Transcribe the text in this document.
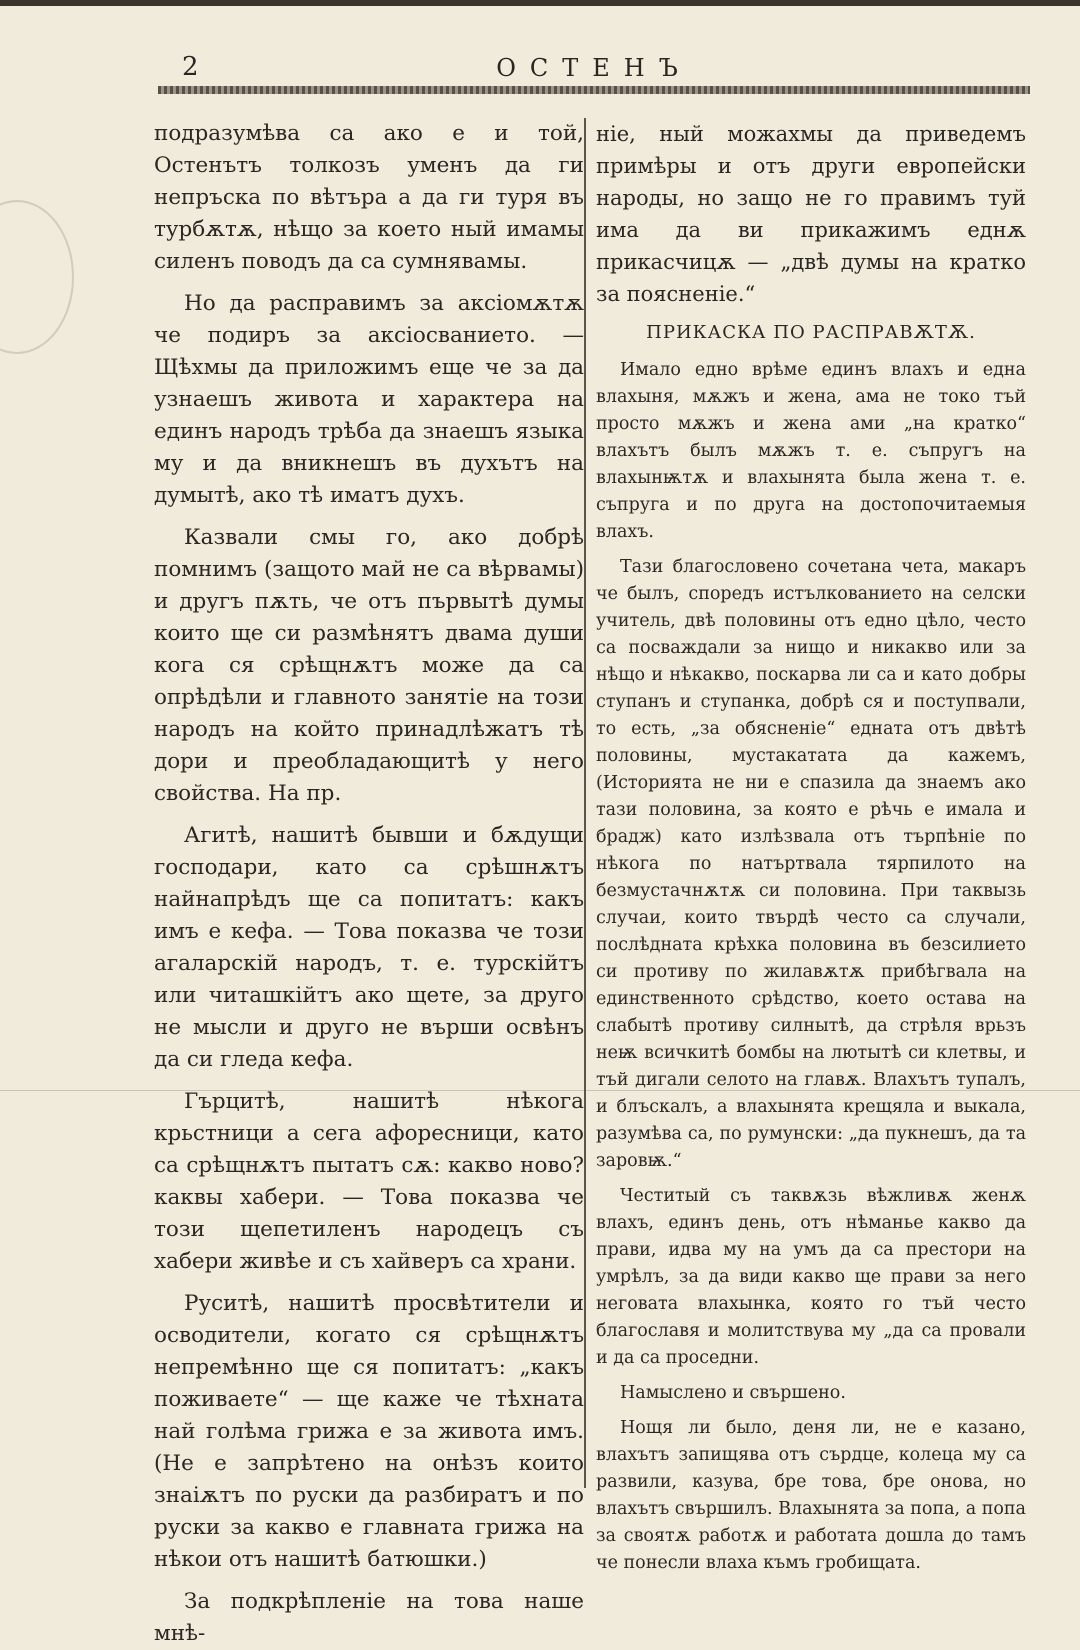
2	ОСТЕНЪ

подразумѣва са ако е и той, Остенътъ толкозъ уменъ да ги непръска по вѣтъра а да ги туря въ турбѫтѫ, нѣщо за което ный имамы силенъ поводъ да са сумнявамы.

Но да расправимъ за аксіомѫтѫ че подиръ за аксіосванието. — Щѣхмы да приложимъ еще че за да узнаешъ живота и характера на единъ народъ трѣба да знаешъ языка му и да вникнешъ въ духътъ на думытѣ, ако тѣ иматъ духъ.

Казвали смы го, ако добрѣ помнимъ (защото май не са вѣрвамы) и другъ пѫть, че отъ първытѣ думы които ще си размѣнятъ двама души кога ся срѣщнѫтъ може да са опрѣдѣли и главното занятіе на този народъ на който принадлѣжатъ тѣ дори и преобладающитѣ у него свойства. На пр.

Агитѣ, нашитѣ бывши и бѫдущи господари, като са срѣшнѫтъ найнапрѣдъ ще са попитатъ: какъ имъ е кефа. — Това показва че този агаларскій народъ, т. е. турскійтъ или читашкійтъ ако щете, за друго не мысли и друго не върши освѣнъ да си глeда кефа.

Гърцитѣ, нашитѣ нѣкога крьстници а сега афоресници, като са срѣщнѫтъ пытатъ сѫ: какво ново? каквы хабери. — Това показва че този щепетиленъ народецъ съ хабери живѣе и съ хайверъ са храни.

Руситѣ, нашитѣ просвѣтители и освoдители, когато ся срѣщнѫтъ непремѣнно ще ся попитатъ: „какъ поживаете“ — ще каже че тѣхната най голѣма грижа е за живота имъ. (Не е запрѣтено на онѣзъ които знаіѫтъ по руски да разбиратъ и по руски за какво е главната грижа на нѣкои отъ нашитѣ батюшки.)

За подкрѣпленіе на това наше мнѣ-

ніе, ный можахмы да приведемъ примѣры и отъ други европейски народы, но защо не го правимъ туй има да ви прикажимъ еднѫ прикасчицѫ — „двѣ думы на кратко за поясненіе.“

ПРИКАСКА ПО РАСПРАВѪТѪ.

Имало едно врѣме единъ влахъ и една влахыня, мѫжъ и жена, ама не токо тъй просто мѫжъ и жена ами „на кратко“ влахътъ былъ мѫжъ т. е. съпругъ на влахынѭтѫ и влахынята была жена т. е. съпруга и по друга на достопочитаемыя влахъ.

Тази благословено сочетана чета, макаръ че былъ, споредъ истълкованието на селски учитель, двѣ половины отъ едно цѣло, често са посваждали за нищо и никакво или за нѣщо и нѣкакво, поскарва ли са и като добры ступанъ и ступанка, добрѣ ся и поступвали, то есть, „за обясненіе“ едната отъ двѣтѣ половины, мустакатата да кажемъ, (Историята не ни е спазила да знаемъ ако тази половина, за която е рѣчь е имала и брадж) като излѣзвала отъ търпѣніе по нѣкога по натъртвала тярпилото на безмустачнѫтѫ си половина. При таквызь случаи, които твърдѣ често са случали, послѣдната крѣхка половина въ безсилието си противу по жилавѫтѫ прибѣгвала на единственното срѣдство, което остава на слабытѣ противу силнытѣ, да стрѣля врьзъ неѭ всичкитѣ бомбы на лютытѣ си клетвы, и тъй дигали селото на главѫ. Влахътъ тупалъ, и блъскалъ, а влахынята крещяла и выкала, разумѣва са, по румунски: „да пукнешъ, да та заровѭ.“

Честитый съ таквѫзь вѣжливѫ женѫ влахъ, единъ день, отъ нѣманье какво да прави, идва му на умъ да са престори на умрѣлъ, за да види какво ще прави за него неговата влахынка, която го тъй често благославя и молитствува му „да са провали и да са проседни.

Намыслено и свършено.

Нощя ли было, деня ли, не е казано, влахътъ запищява отъ сърдце, колеца му са развили, казува, бре това, бре онова, но влахътъ свършилъ. Влахынята за попа, а попа за своятѫ работѫ и работата дошла до тамъ че понесли влаха къмъ гробищата.
